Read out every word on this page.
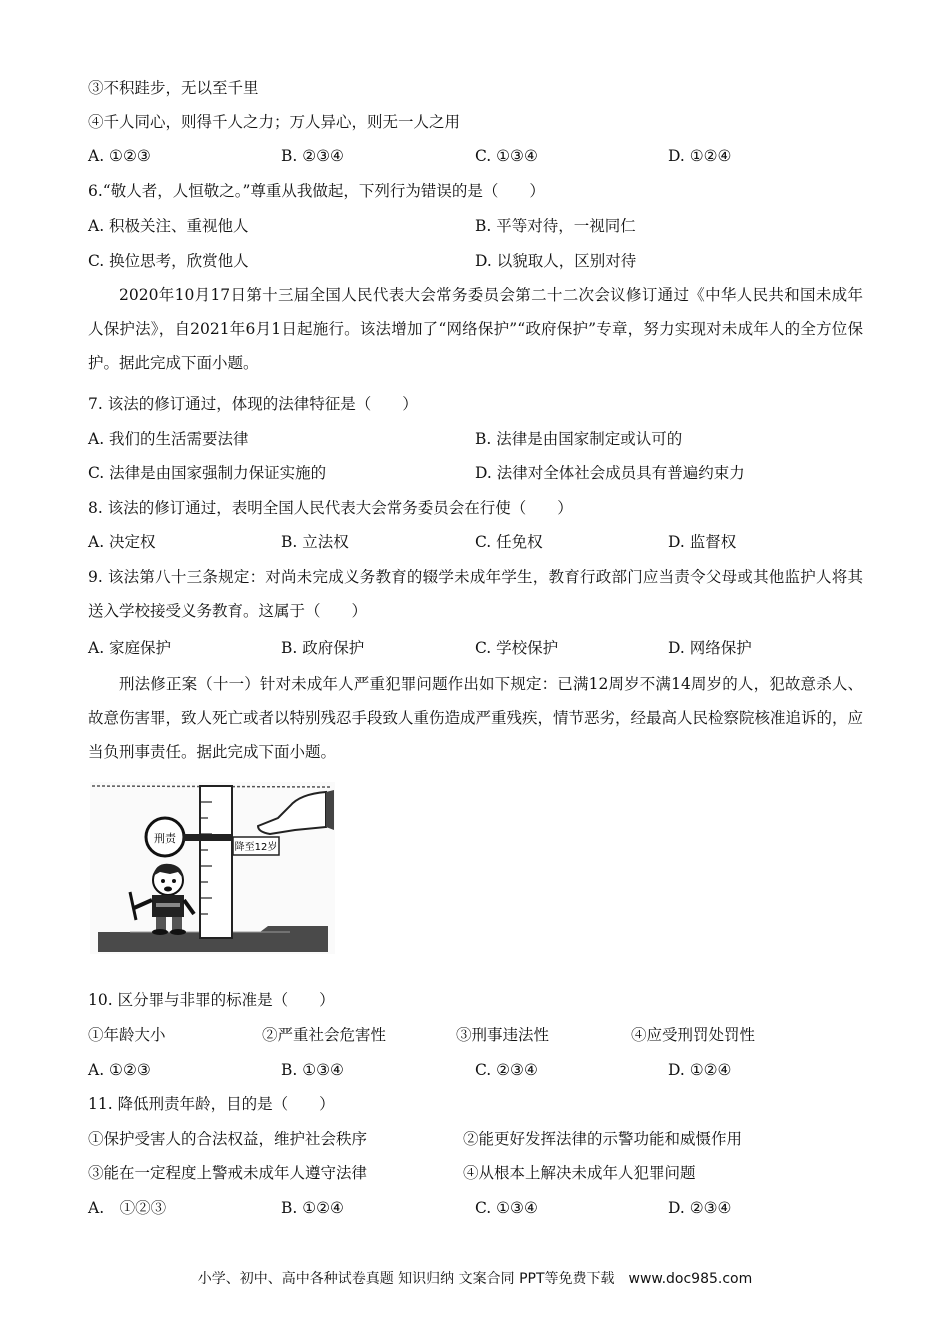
③不积跬步，无以至千里
④千人同心，则得千人之力；万人异心，则无一人之用
A. ①②③	B. ②③④	C. ①③④	D. ①②④
6.“敬人者，人恒敬之。”尊重从我做起，下列行为错误的是（　　）
A. 积极关注、重视他人	B. 平等对待，一视同仁
C. 换位思考，欣赏他人	D. 以貌取人，区别对待
2020年10月17日第十三届全国人民代表大会常务委员会第二十二次会议修订通过《中华人民共和国未成年人保护法》，自2021年6月1日起施行。该法增加了“网络保护”“政府保护”专章，努力实现对未成年人的全方位保护。据此完成下面小题。
7. 该法的修订通过，体现的法律特征是（　　）
A. 我们的生活需要法律	B. 法律是由国家制定或认可的
C. 法律是由国家强制力保证实施的	D. 法律对全体社会成员具有普遍约束力
8. 该法的修订通过，表明全国人民代表大会常务委员会在行使（　　）
A. 决定权	B. 立法权	C. 任免权	D. 监督权
9. 该法第八十三条规定：对尚未完成义务教育的辍学未成年学生，教育行政部门应当责令父母或其他监护人将其送入学校接受义务教育。这属于（　　）
A. 家庭保护	B. 政府保护	C. 学校保护	D. 网络保护
刑法修正案（十一）针对未成年人严重犯罪问题作出如下规定：已满12周岁不满14周岁的人，犯故意杀人、故意伤害罪，致人死亡或者以特别残忍手段致人重伤造成严重残疾，情节恶劣，经最高人民检察院核准追诉的，应当负刑事责任。据此完成下面小题。
刑责
降至12岁
10. 区分罪与非罪的标准是（　　）
①年龄大小	②严重社会危害性	③刑事违法性	④应受刑罚处罚性
A. ①②③	B. ①③④	C. ②③④	D. ①②④
11. 降低刑责年龄，目的是（　　）
①保护受害人的合法权益，维护社会秩序	②能更好发挥法律的示警功能和威慑作用
③能在一定程度上警戒未成年人遵守法律	④从根本上解决未成年人犯罪问题
A.　①②③	B. ①②④	C. ①③④	D. ②③④
小学、初中、高中各种试卷真题 知识归纳 文案合同 PPT等免费下载　www.doc985.com
